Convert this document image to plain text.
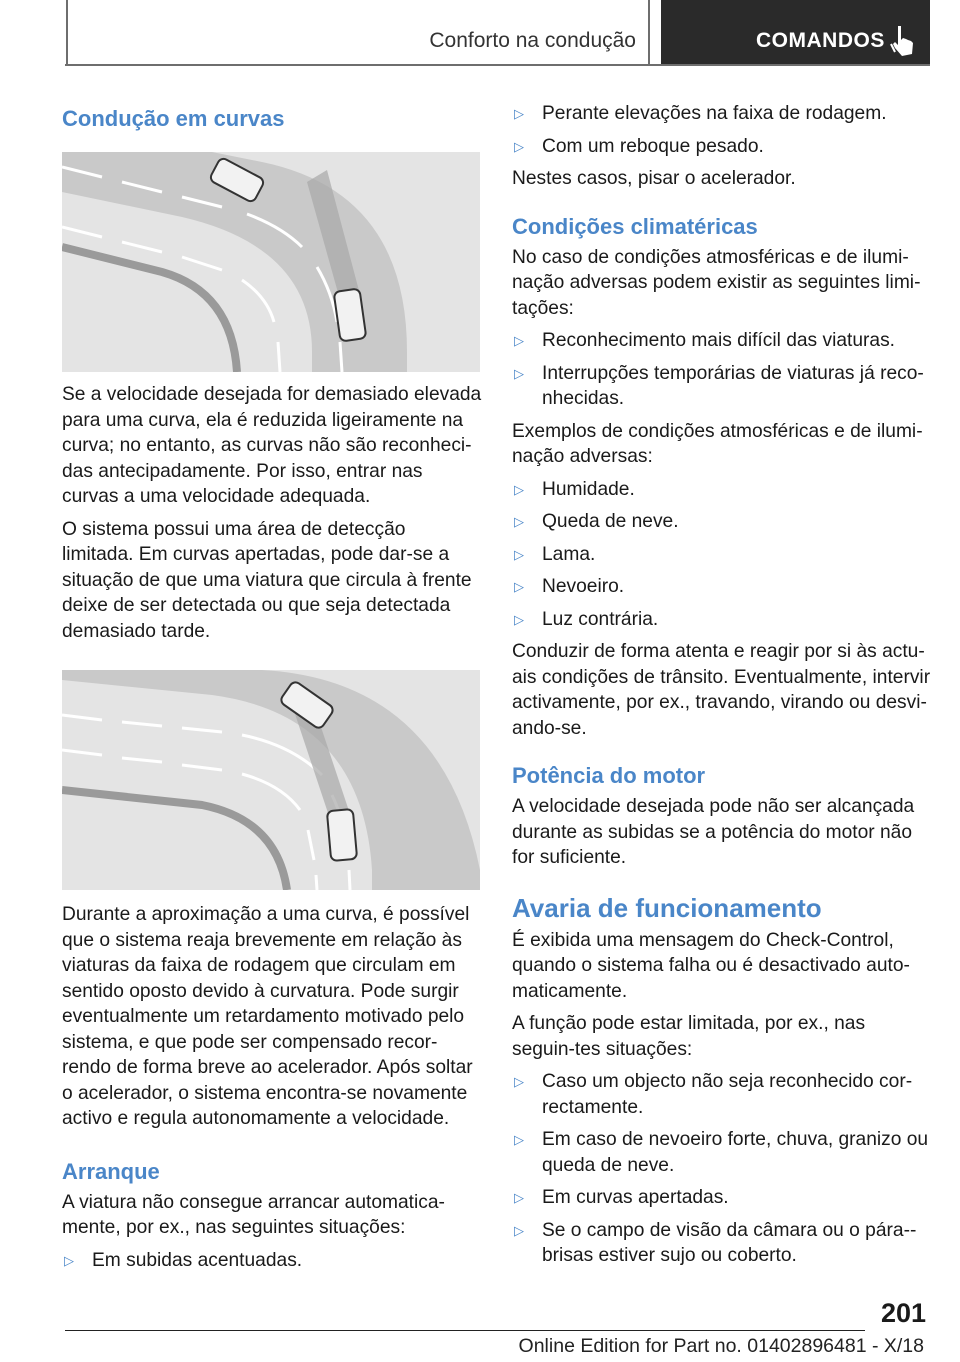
Conforto na condução	COMANDOS
Condução em curvas

Se a velocidade desejada for demasiado elevada para uma curva, ela é reduzida ligeiramente na curva; no entanto, as curvas não são reconheci‐das antecipadamente. Por isso, entrar nas curvas a uma velocidade adequada.

O sistema possui uma área de detecção limitada. Em curvas apertadas, pode dar-se a situação de que uma viatura que circula à frente deixe de ser detectada ou que seja detectada demasiado tarde.

Durante a aproximação a uma curva, é possível que o sistema reaja brevemente em relação às viaturas da faixa de rodagem que circulam em sentido oposto devido à curvatura. Pode surgir eventualmente um retardamento motivado pelo sistema, e que pode ser compensado recor‐rendo de forma breve ao acelerador. Após soltar o acelerador, o sistema encontra-se novamente activo e regula autonomamente a velocidade.

Arranque

A viatura não consegue arrancar automatica‐mente, por ex., nas seguintes situações:

▷ Em subidas acentuadas.
▷ Perante elevações na faixa de rodagem.
▷ Com um reboque pesado.

Nestes casos, pisar o acelerador.

Condições climatéricas

No caso de condições atmosféricas e de ilumi‐nação adversas podem existir as seguintes limi‐tações:

▷ Reconhecimento mais difícil das viaturas.
▷ Interrupções temporárias de viaturas já reco‐nhecidas.

Exemplos de condições atmosféricas e de ilumi‐nação adversas:

▷ Humidade.
▷ Queda de neve.
▷ Lama.
▷ Nevoeiro.
▷ Luz contrária.

Conduzir de forma atenta e reagir por si às actu‐ais condições de trânsito. Eventualmente, intervir activamente, por ex., travando, virando ou desvi‐ando-se.

Potência do motor

A velocidade desejada pode não ser alcançada durante as subidas se a potência do motor não for suficiente.

Avaria de funcionamento

É exibida uma mensagem do Check-Control, quando o sistema falha ou é desactivado auto‐maticamente.

A função pode estar limitada, por ex., nas seguin‐tes situações:

▷ Caso um objecto não seja reconhecido cor‐rectamente.
▷ Em caso de nevoeiro forte, chuva, granizo ou queda de neve.
▷ Em curvas apertadas.
▷ Se o campo de visão da câmara ou o pára-‐brisas estiver sujo ou coberto.
201
Online Edition for Part no. 01402896481 - X/18
